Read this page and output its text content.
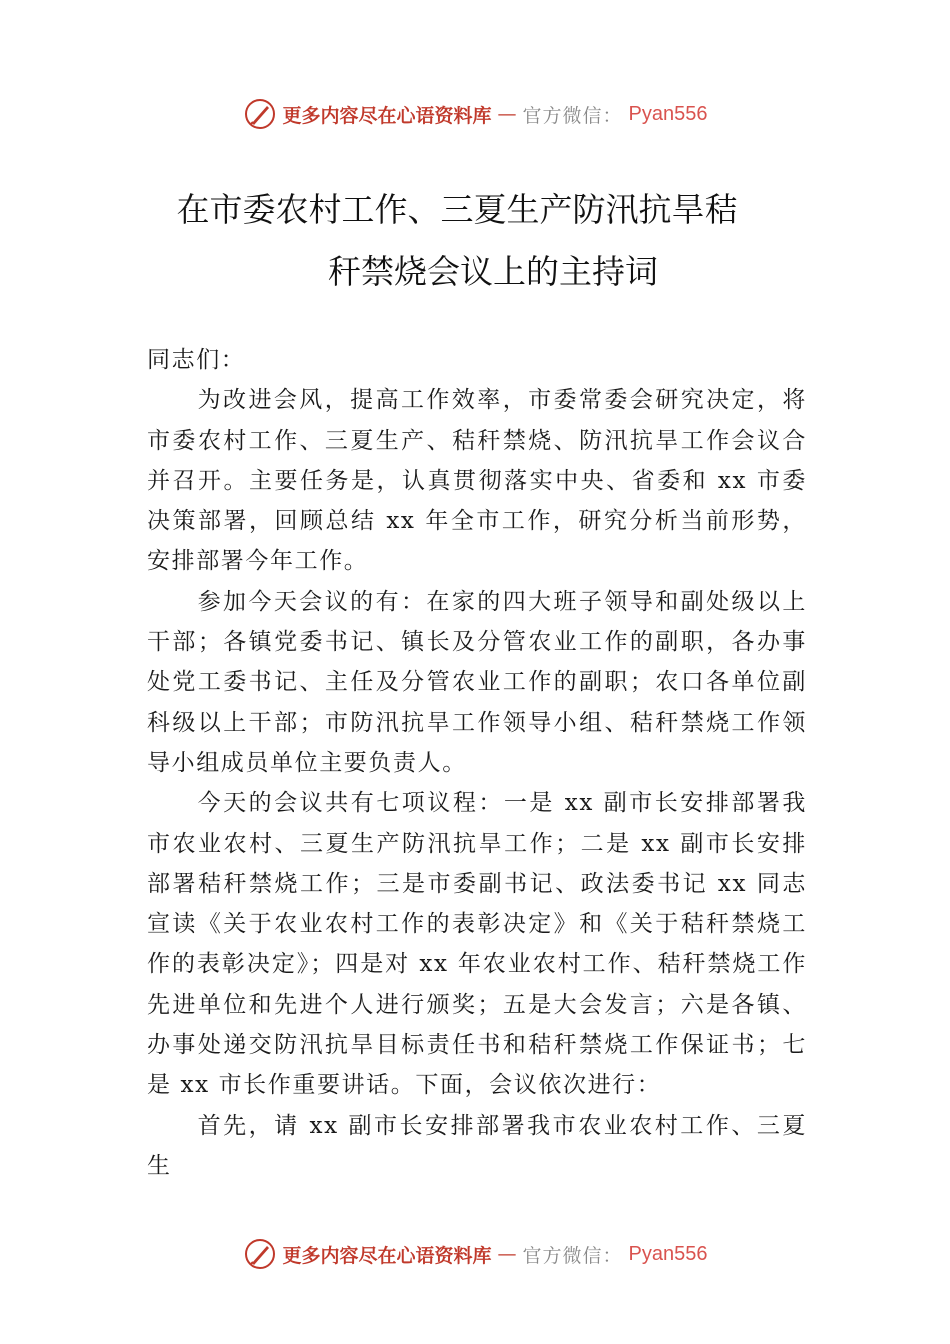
更多内容尽在心语资料库 — 官方微信： Pyan556
在市委农村工作、三夏生产防汛抗旱秸
秆禁烧会议上的主持词

同志们：

为改进会风，提高工作效率，市委常委会研究决定，将市委农村工作、三夏生产、秸秆禁烧、防汛抗旱工作会议合并召开。主要任务是，认真贯彻落实中央、省委和 xx 市委决策部署，回顾总结 xx 年全市工作，研究分析当前形势，安排部署今年工作。

参加今天会议的有：在家的四大班子领导和副处级以上干部；各镇党委书记、镇长及分管农业工作的副职，各办事处党工委书记、主任及分管农业工作的副职；农口各单位副科级以上干部；市防汛抗旱工作领导小组、秸秆禁烧工作领导小组成员单位主要负责人。

今天的会议共有七项议程：一是 xx 副市长安排部署我市农业农村、三夏生产防汛抗旱工作；二是 xx 副市长安排部署秸秆禁烧工作；三是市委副书记、政法委书记 xx 同志宣读《关于农业农村工作的表彰决定》和《关于秸秆禁烧工作的表彰决定》；四是对 xx 年农业农村工作、秸秆禁烧工作先进单位和先进个人进行颁奖；五是大会发言；六是各镇、办事处递交防汛抗旱目标责任书和秸秆禁烧工作保证书；七是 xx 市长作重要讲话。下面，会议依次进行：

首先，请 xx 副市长安排部署我市农业农村工作、三夏生

更多内容尽在心语资料库 — 官方微信： Pyan556
